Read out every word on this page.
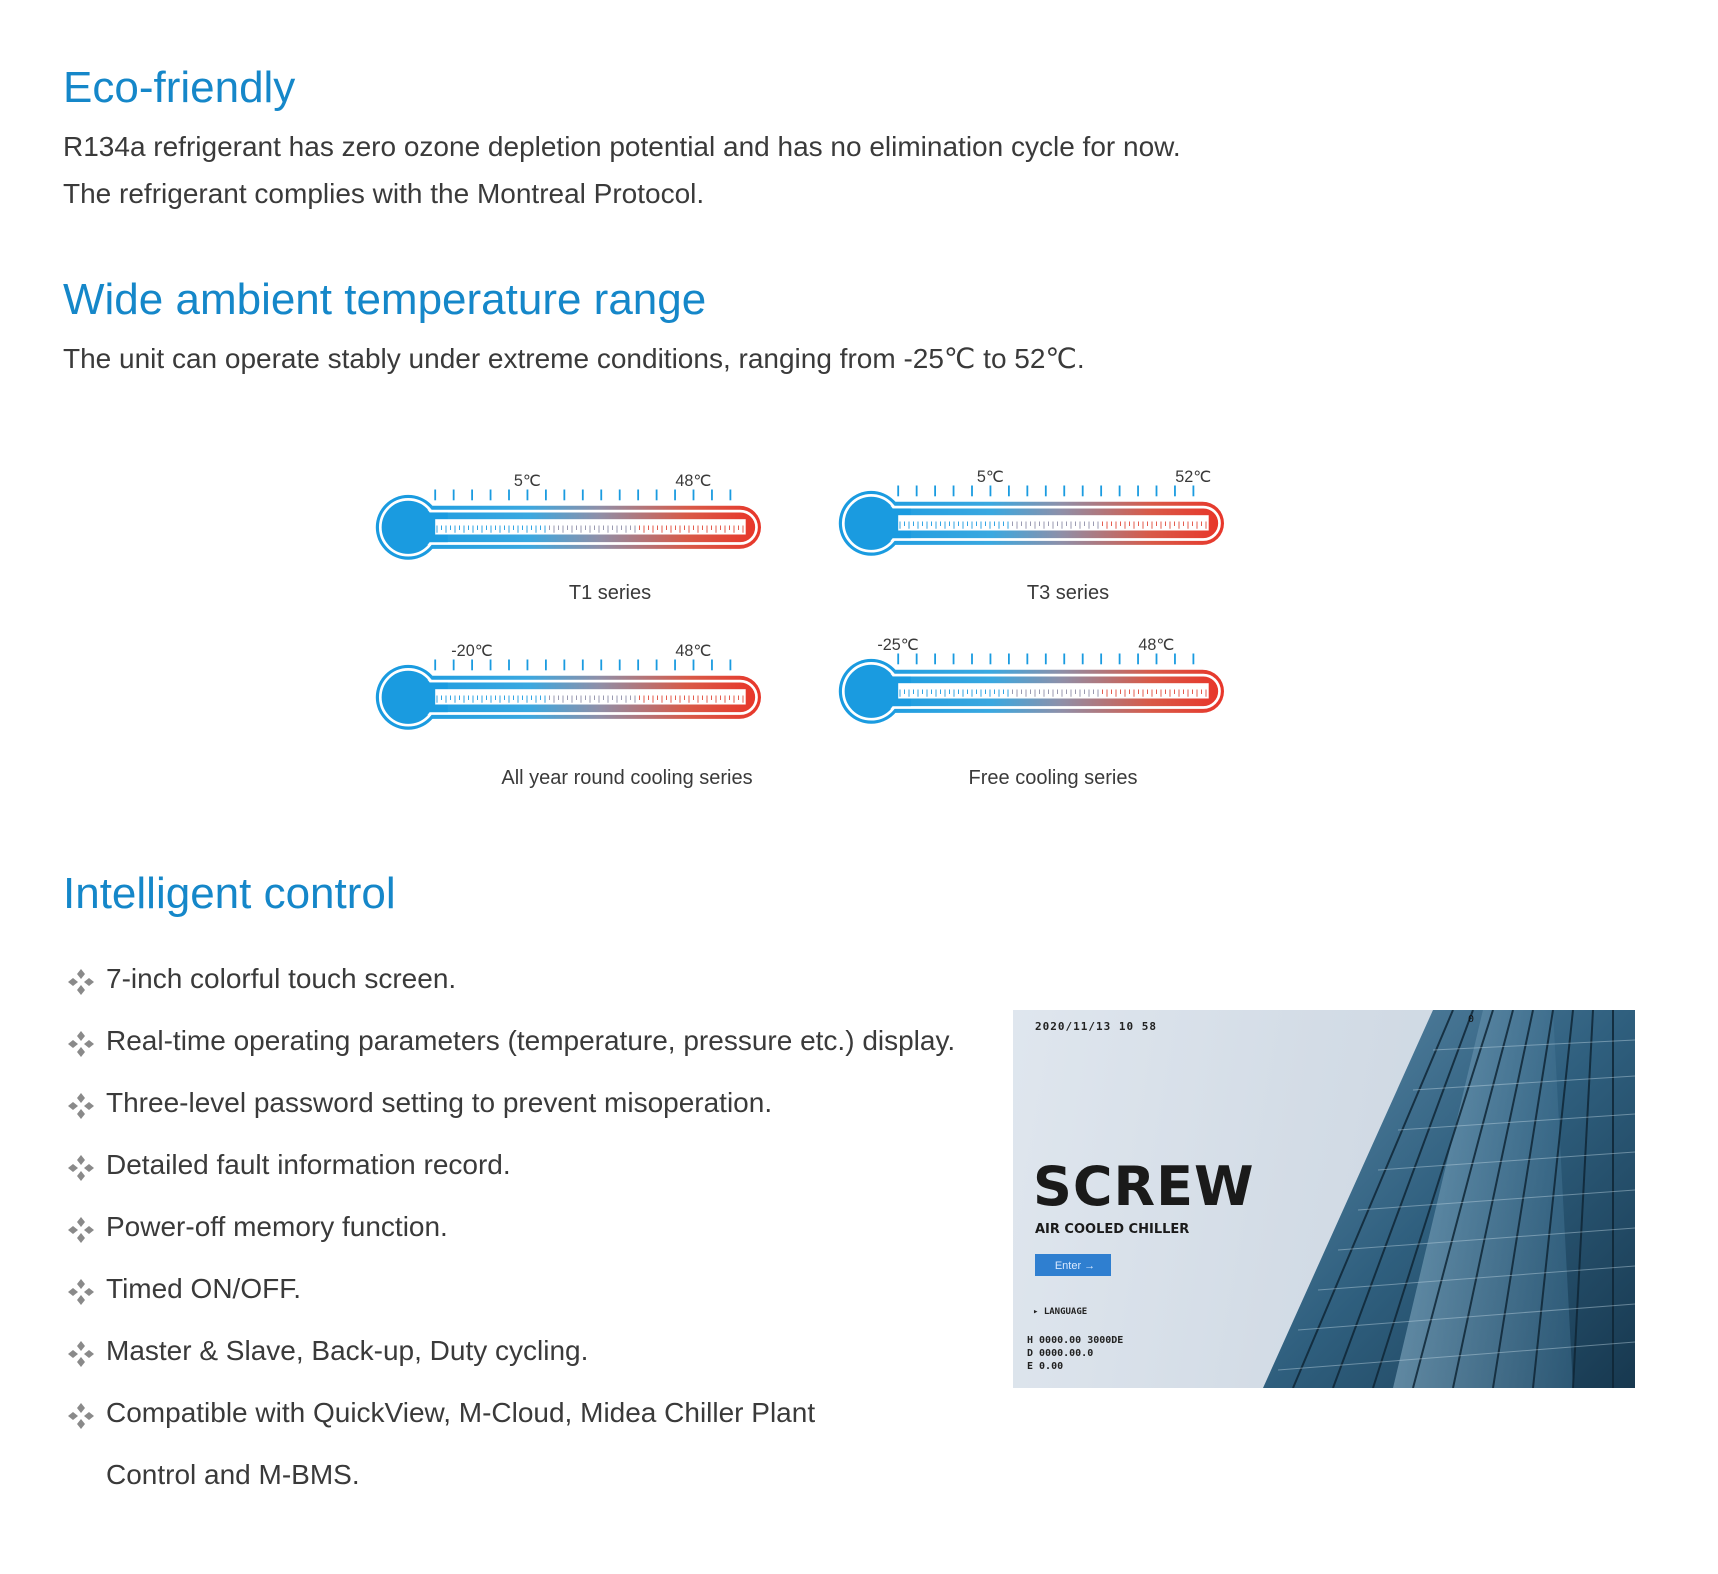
Eco-friendly

R134a refrigerant has zero ozone depletion potential and has no elimination cycle for now.

The refrigerant complies with the Montreal Protocol.

Wide ambient temperature range

The unit can operate stably under extreme conditions, ranging from -25℃ to 52℃.

5℃	48℃	5℃	52℃
-20℃	48℃	-25℃	48℃
T1 series	T3 series
All year round cooling series	Free cooling series
Intelligent control
7-inch colorful touch screen.
Real-time operating parameters (temperature, pressure etc.) display.
Three-level password setting to prevent misoperation.
Detailed fault information record.
Power-off memory function.
Timed ON/OFF.
Master & Slave, Back-up, Duty cycling.
Compatible with QuickView, M-Cloud, Midea Chiller Plant
Control and M-BMS.
2020/11/13 10 58
0
SCREW
AIR COOLED CHILLER
Enter →
▸ LANGUAGE
H 0000.00 3000DE
D 0000.00.0
E 0.00
